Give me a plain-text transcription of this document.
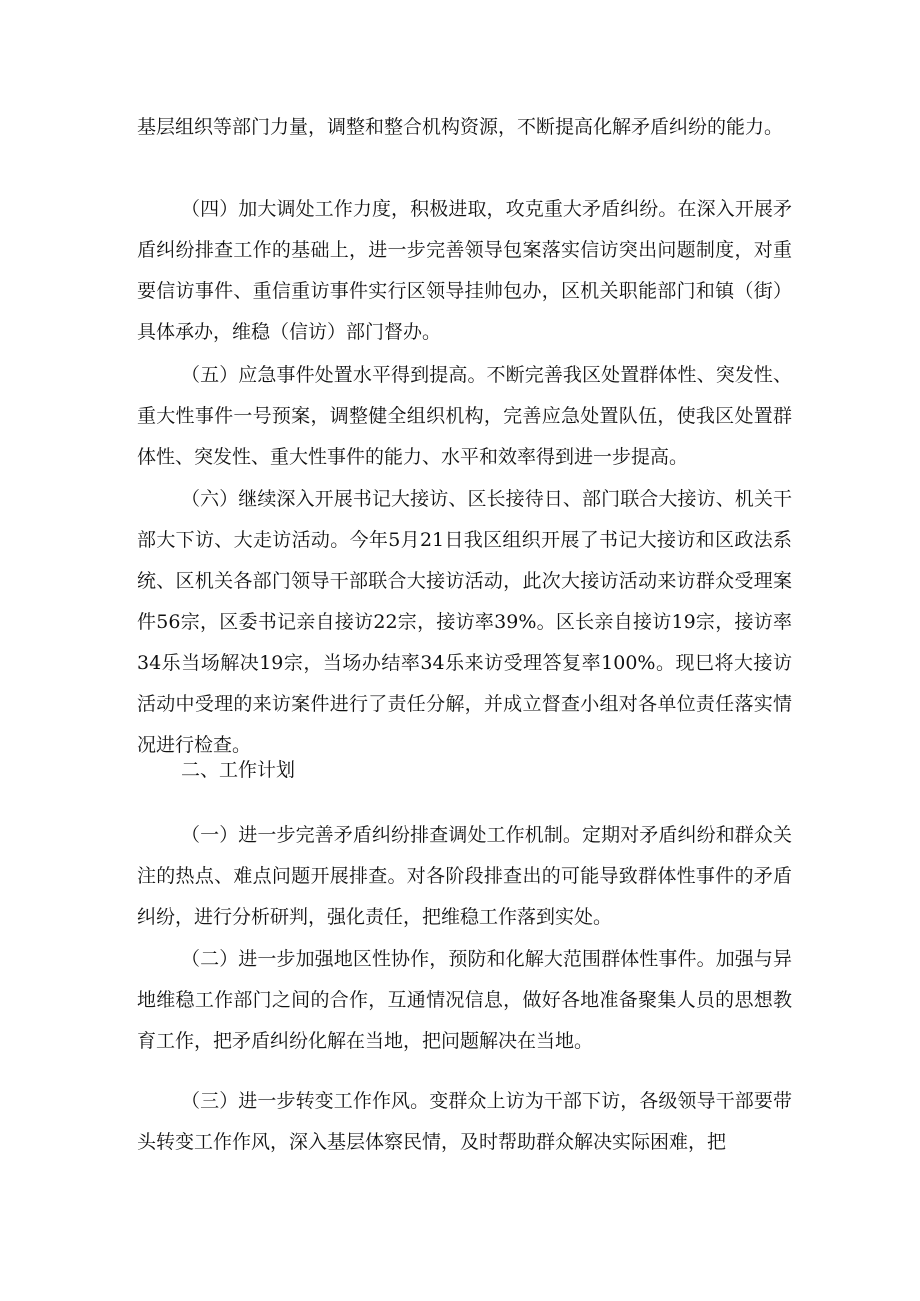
基层组织等部门力量，调整和整合机构资源，不断提高化解矛盾纠纷的能力。

（四）加大调处工作力度，积极进取，攻克重大矛盾纠纷。在深入开展矛盾纠纷排查工作的基础上，进一步完善领导包案落实信访突出问题制度，对重要信访事件、重信重访事件实行区领导挂帅包办，区机关职能部门和镇（街）具体承办，维稳（信访）部门督办。

（五）应急事件处置水平得到提高。不断完善我区处置群体性、突发性、重大性事件一号预案，调整健全组织机构，完善应急处置队伍，使我区处置群体性、突发性、重大性事件的能力、水平和效率得到进一步提高。

（六）继续深入开展书记大接访、区长接待日、部门联合大接访、机关干部大下访、大走访活动。今年5月21日我区组织开展了书记大接访和区政法系统、区机关各部门领导干部联合大接访活动，此次大接访活动来访群众受理案件56宗，区委书记亲自接访22宗，接访率39%。区长亲自接访19宗，接访率34乐当场解决19宗，当场办结率34乐来访受理答复率100%。现巳将大接访活动中受理的来访案件进行了责任分解，并成立督查小组对各单位责任落实情况进行检查。

二、工作计划

（一）进一步完善矛盾纠纷排查调处工作机制。定期对矛盾纠纷和群众关注的热点、难点问题开展排查。对各阶段排查出的可能导致群体性事件的矛盾纠纷，进行分析研判，强化责任，把维稳工作落到实处。

（二）进一步加强地区性协作，预防和化解大范围群体性事件。加强与异地维稳工作部门之间的合作，互通情况信息，做好各地准备聚集人员的思想教育工作，把矛盾纠纷化解在当地，把问题解决在当地。

（三）进一步转变工作作风。变群众上访为干部下访，各级领导干部要带头转变工作作风，深入基层体察民情，及时帮助群众解决实际困难，把
